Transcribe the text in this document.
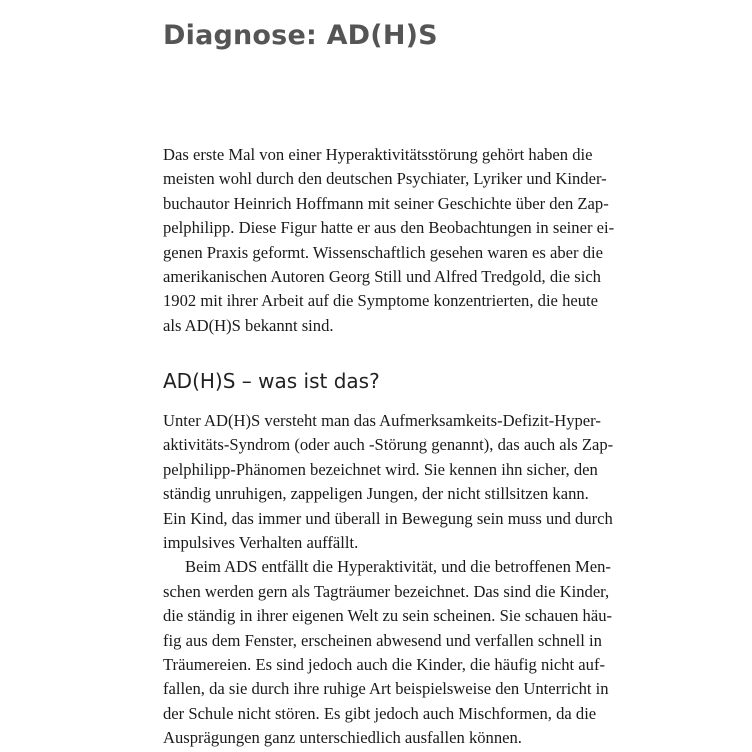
Diagnose: AD(H)S
Das erste Mal von einer Hyperaktivitätsstörung gehört haben die
meisten wohl durch den deutschen Psychiater, Lyriker und Kinder-
buchautor Heinrich Hoffmann mit seiner Geschichte über den Zap-
pelphilipp. Diese Figur hatte er aus den Beobachtungen in seiner ei-
genen Praxis geformt. Wissenschaftlich gesehen waren es aber die
amerikanischen Autoren Georg Still und Alfred Tredgold, die sich
1902 mit ihrer Arbeit auf die Symptome konzentrierten, die heute
als AD(H)S bekannt sind.
AD(H)S – was ist das?
Unter AD(H)S versteht man das Aufmerksamkeits-Defizit-Hyper-
aktivitäts-Syndrom (oder auch -Störung genannt), das auch als Zap-
pelphilipp-Phänomen bezeichnet wird. Sie kennen ihn sicher, den
ständig unruhigen, zappeligen Jungen, der nicht stillsitzen kann.
Ein Kind, das immer und überall in Bewegung sein muss und durch
impulsives Verhalten auffällt.
Beim ADS entfällt die Hyperaktivität, und die betroffenen Men-
schen werden gern als Tagträumer bezeichnet. Das sind die Kinder,
die ständig in ihrer eigenen Welt zu sein scheinen. Sie schauen häu-
fig aus dem Fenster, erscheinen abwesend und verfallen schnell in
Träumereien. Es sind jedoch auch die Kinder, die häufig nicht auf-
fallen, da sie durch ihre ruhige Art beispielsweise den Unterricht in
der Schule nicht stören. Es gibt jedoch auch Mischformen, da die
Ausprägungen ganz unterschiedlich ausfallen können.
